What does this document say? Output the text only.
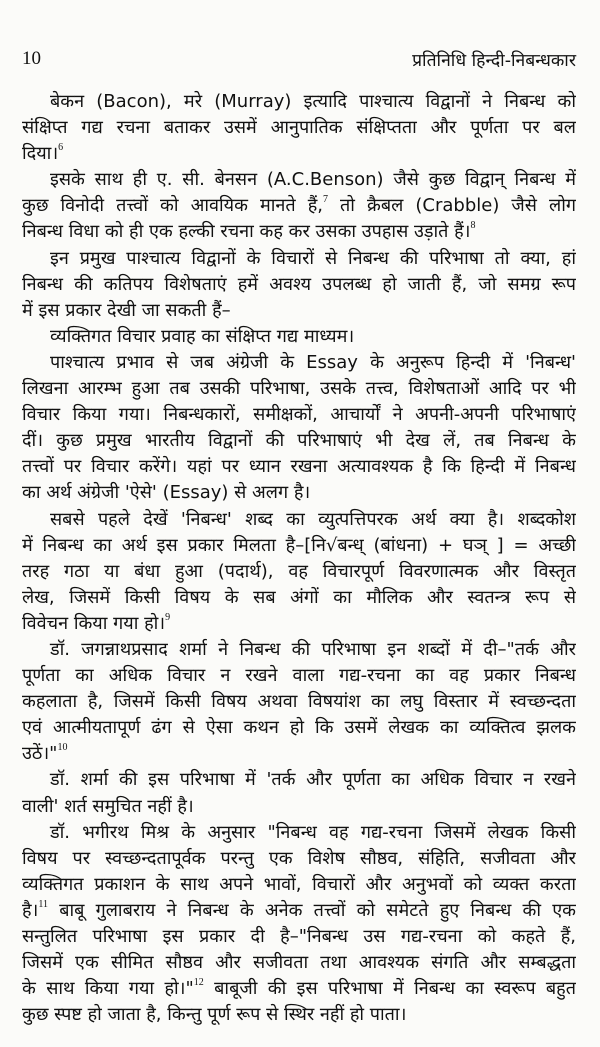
10	प्रतिनिधि हिन्दी-निबन्धकार
बेकन (Bacon), मरे (Murray) इत्यादि पाश्चात्य विद्वानों ने निबन्ध को
संक्षिप्त गद्य रचना बताकर उसमें आनुपातिक संक्षिप्तता और पूर्णता पर बल
दिया।$^6$
इसके साथ ही ए. सी. बेनसन (A.C.Benson) जैसे कुछ विद्वान् निबन्ध में
कुछ विनोदी तत्त्वों को आवयिक मानते हैं,$^7$ तो क्रैबल (Crabble) जैसे लोग
निबन्ध विधा को ही एक हल्की रचना कह कर उसका उपहास उड़ाते हैं।$^8$
इन प्रमुख पाश्चात्य विद्वानों के विचारों से निबन्ध की परिभाषा तो क्या, हां
निबन्ध की कतिपय विशेषताएं हमें अवश्य उपलब्ध हो जाती हैं, जो समग्र रूप
में इस प्रकार देखी जा सकती हैं–
व्यक्तिगत विचार प्रवाह का संक्षिप्त गद्य माध्यम।
पाश्चात्य प्रभाव से जब अंग्रेजी के Essay के अनुरूप हिन्दी में 'निबन्ध'
लिखना आरम्भ हुआ तब उसकी परिभाषा, उसके तत्त्व, विशेषताओं आदि पर भी
विचार किया गया। निबन्धकारों, समीक्षकों, आचार्यों ने अपनी-अपनी परिभाषाएं
दीं। कुछ प्रमुख भारतीय विद्वानों की परिभाषाएं भी देख लें, तब निबन्ध के
तत्त्वों पर विचार करेंगे। यहां पर ध्यान रखना अत्यावश्यक है कि हिन्दी में निबन्ध
का अर्थ अंग्रेजी 'ऐसे' (Essay) से अलग है।
सबसे पहले देखें 'निबन्ध' शब्द का व्युत्पत्तिपरक अर्थ क्या है। शब्दकोश
में निबन्ध का अर्थ इस प्रकार मिलता है–[नि√बन्ध् (बांधना) + घञ् ] = अच्छी
तरह गठा या बंधा हुआ (पदार्थ), वह विचारपूर्ण विवरणात्मक और विस्तृत
लेख, जिसमें किसी विषय के सब अंगों का मौलिक और स्वतन्त्र रूप से
विवेचन किया गया हो।$^9$
डॉ. जगन्नाथप्रसाद शर्मा ने निबन्ध की परिभाषा इन शब्दों में दी–"तर्क और
पूर्णता का अधिक विचार न रखने वाला गद्य-रचना का वह प्रकार निबन्ध
कहलाता है, जिसमें किसी विषय अथवा विषयांश का लघु विस्तार में स्वच्छन्दता
एवं आत्मीयतापूर्ण ढंग से ऐसा कथन हो कि उसमें लेखक का व्यक्तित्व झलक
उठें।"$^{10}$
डॉ. शर्मा की इस परिभाषा में 'तर्क और पूर्णता का अधिक विचार न रखने
वाली' शर्त समुचित नहीं है।
डॉ. भगीरथ मिश्र के अनुसार "निबन्ध वह गद्य-रचना जिसमें लेखक किसी
विषय पर स्वच्छन्दतापूर्वक परन्तु एक विशेष सौष्ठव, संहिति, सजीवता और
व्यक्तिगत प्रकाशन के साथ अपने भावों, विचारों और अनुभवों को व्यक्त करता
है।$^{11}$ बाबू गुलाबराय ने निबन्ध के अनेक तत्त्वों को समेटते हुए निबन्ध की एक
सन्तुलित परिभाषा इस प्रकार दी है–"निबन्ध उस गद्य-रचना को कहते हैं,
जिसमें एक सीमित सौष्ठव और सजीवता तथा आवश्यक संगति और सम्बद्धता
के साथ किया गया हो।"$^{12}$ बाबूजी की इस परिभाषा में निबन्ध का स्वरूप बहुत
कुछ स्पष्ट हो जाता है, किन्तु पूर्ण रूप से स्थिर नहीं हो पाता।
